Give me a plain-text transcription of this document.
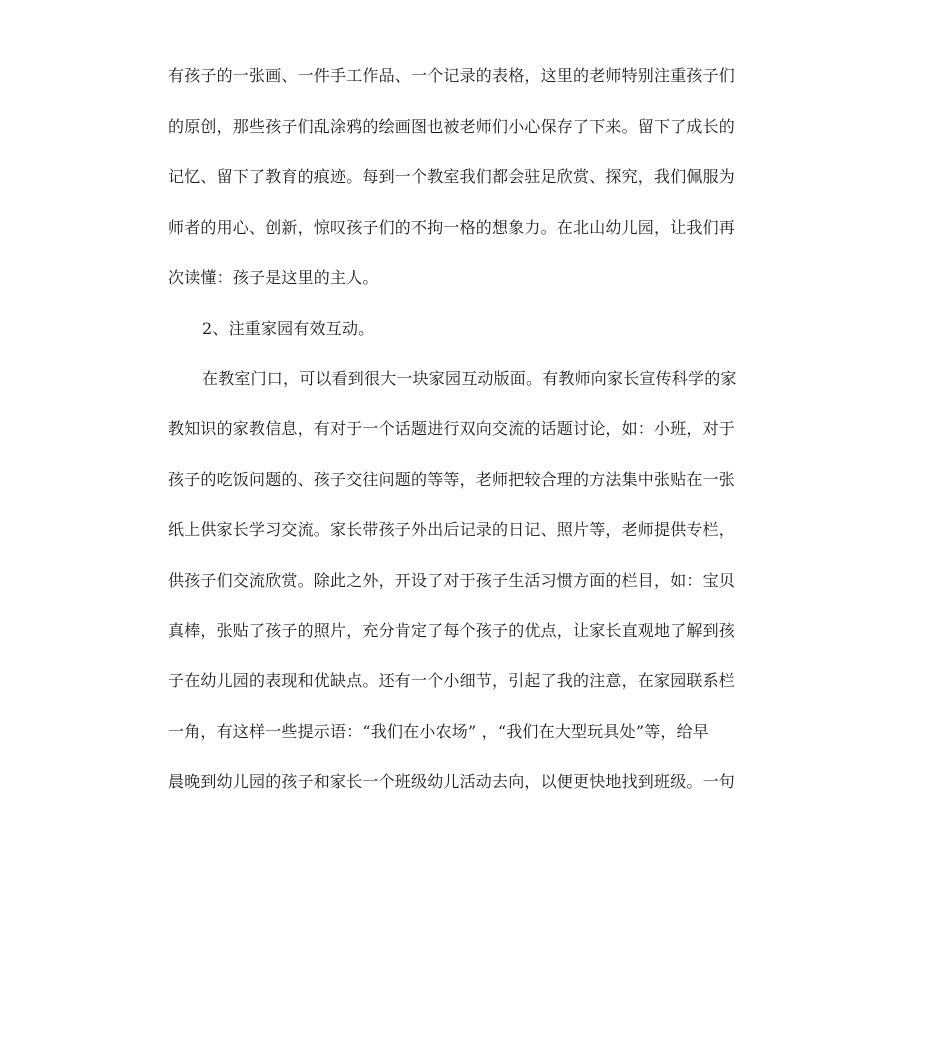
有孩子的一张画、一件手工作品、一个记录的表格，这里的老师特别注重孩子们
的原创，那些孩子们乱涂鸦的绘画图也被老师们小心保存了下来。留下了成长的
记忆、留下了教育的痕迹。每到一个教室我们都会驻足欣赏、探究，我们佩服为
师者的用心、创新，惊叹孩子们的不拘一格的想象力。在北山幼儿园，让我们再
次读懂：孩子是这里的主人。
2、注重家园有效互动。
在教室门口，可以看到很大一块家园互动版面。有教师向家长宣传科学的家
教知识的家教信息，有对于一个话题进行双向交流的话题讨论，如：小班，对于
孩子的吃饭问题的、孩子交往问题的等等，老师把较合理的方法集中张贴在一张
纸上供家长学习交流。家长带孩子外出后记录的日记、照片等，老师提供专栏，
供孩子们交流欣赏。除此之外，开设了对于孩子生活习惯方面的栏目，如：宝贝
真棒，张贴了孩子的照片，充分肯定了每个孩子的优点，让家长直观地了解到孩
子在幼儿园的表现和优缺点。还有一个小细节，引起了我的注意，在家园联系栏
一角，有这样一些提示语：“我们在小农场” ，“我们在大型玩具处”等，给早
晨晚到幼儿园的孩子和家长一个班级幼儿活动去向，以便更快地找到班级。一句
